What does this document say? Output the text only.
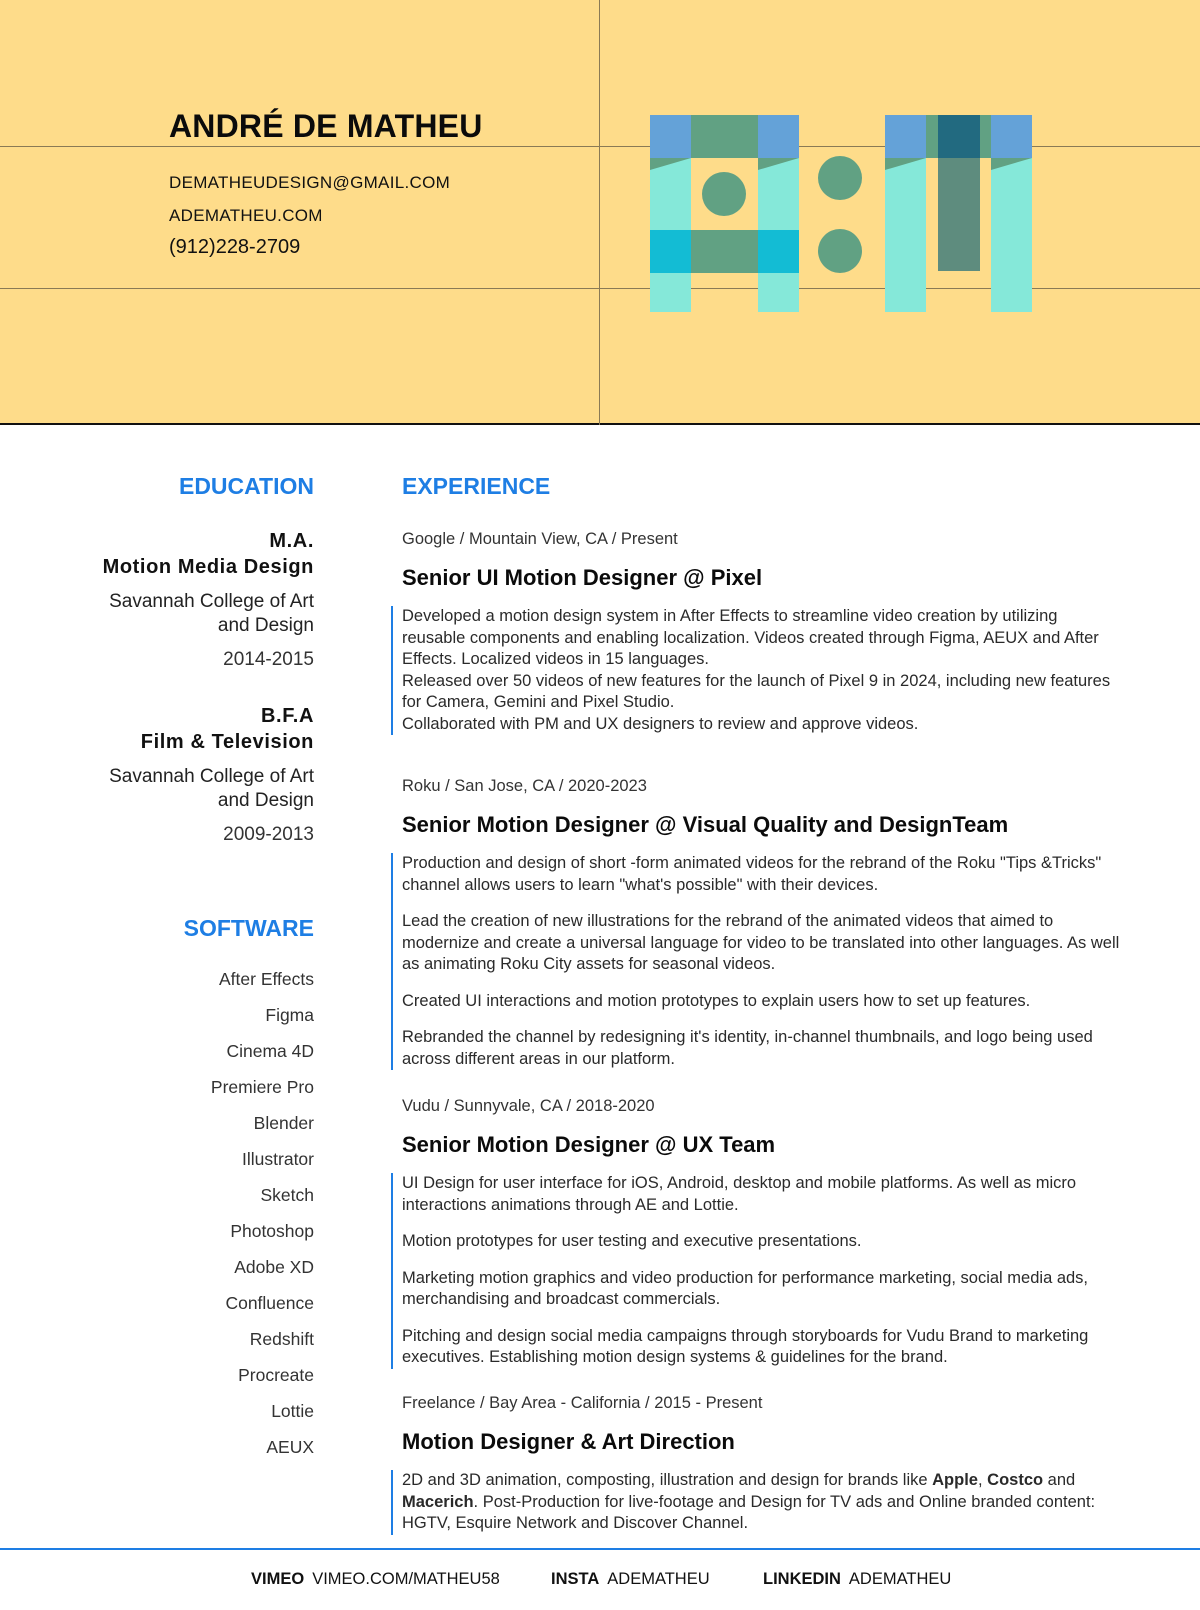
ANDRÉ DE MATHEU
DEMATHEUDESIGN@GMAIL.COM
ADEMATHEU.COM
(912)228-2709
EDUCATION
M.A.
Motion Media Design
Savannah College of Art
and Design
2014-2015
B.F.A
Film & Television
Savannah College of Art
and Design
2009-2013
SOFTWARE
After Effects
Figma
Cinema 4D
Premiere Pro
Blender
Illustrator
Sketch
Photoshop
Adobe XD
Confluence
Redshift
Procreate
Lottie
AEUX
EXPERIENCE
Google / Mountain View, CA / Present
Senior UI Motion Designer @ Pixel

Developed a motion design system in After Effects to streamline video creation by utilizing reusable components and enabling localization. Videos created through Figma, AEUX and After Effects. Localized videos in 15 languages.

Released over 50 videos of new features for the launch of Pixel 9 in 2024, including new features for Camera, Gemini and Pixel Studio.

Collaborated with PM and UX designers to review and approve videos.

Roku / San Jose, CA / 2020-2023
Senior Motion Designer @ Visual Quality and DesignTeam

Production and design of short -form animated videos for the rebrand of the Roku "Tips &Tricks" channel allows users to learn "what's possible" with their devices.

Lead the creation of new illustrations for the rebrand of the animated videos that aimed to modernize and create a universal language for video to be translated into other languages. As well as animating Roku City assets for seasonal videos.

Created UI interactions and motion prototypes to explain users how to set up features.

Rebranded the channel by redesigning it's identity, in-channel thumbnails, and logo being used across different areas in our platform.

Vudu / Sunnyvale, CA / 2018-2020
Senior Motion Designer @ UX Team

UI Design for user interface for iOS, Android, desktop and mobile platforms. As well as micro interactions animations through AE and Lottie.

Motion prototypes for user testing and executive presentations.

Marketing motion graphics and video production for performance marketing, social media ads, merchandising and broadcast commercials.

Pitching and design social media campaigns through storyboards for Vudu Brand to marketing executives. Establishing motion design systems & guidelines for the brand.

Freelance / Bay Area - California / 2015 - Present
Motion Designer & Art Direction

2D and 3D animation, composting, illustration and design for brands like Apple, Costco and Macerich. Post-Production for live-footage and Design for TV ads and Online branded content: HGTV, Esquire Network and Discover Channel.

VIMEO VIMEO.COM/MATHEU58	INSTA ADEMATHEU	LINKEDIN ADEMATHEU
